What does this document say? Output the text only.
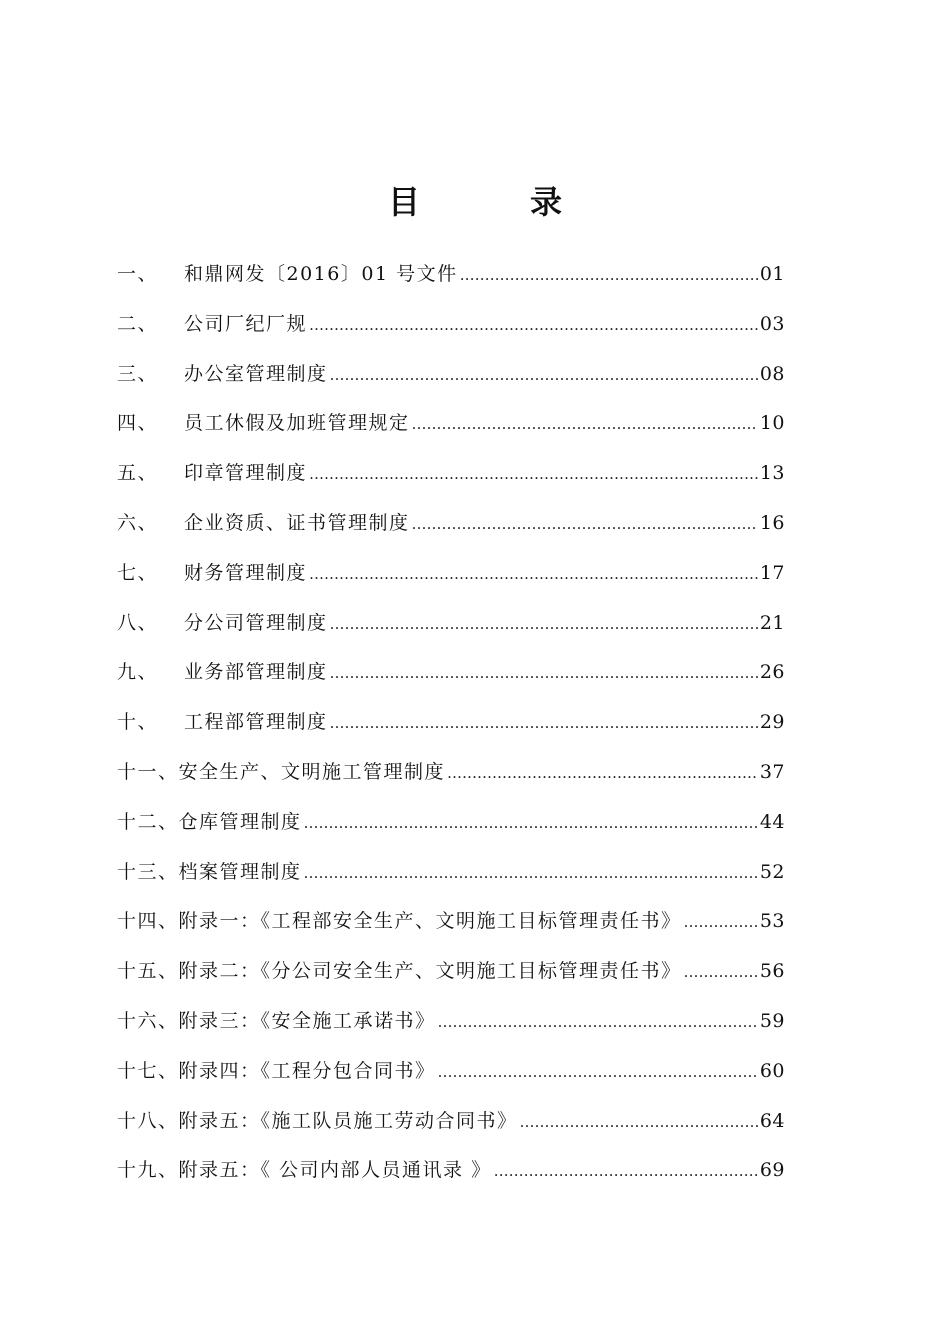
目	录
一、	和鼎网发〔2016〕01 号文件 …………………………………………………………………………………………………………………………………………………………………………	01
二、	公司厂纪厂规 …………………………………………………………………………………………………………………………………………………………………………	03
三、	办公室管理制度 …………………………………………………………………………………………………………………………………………………………………………	08
四、	员工休假及加班管理规定 …………………………………………………………………………………………………………………………………………………………………………	10
五、	印章管理制度 …………………………………………………………………………………………………………………………………………………………………………	13
六、	企业资质、证书管理制度 …………………………………………………………………………………………………………………………………………………………………………	16
七、	财务管理制度 …………………………………………………………………………………………………………………………………………………………………………	17
八、	分公司管理制度 …………………………………………………………………………………………………………………………………………………………………………	21
九、	业务部管理制度 …………………………………………………………………………………………………………………………………………………………………………	26
十、	工程部管理制度 …………………………………………………………………………………………………………………………………………………………………………	29
十一、 安全生产、文明施工管理制度 …………………………………………………………………………………………………………………………………………………………………………	37
十二、 仓库管理制度 …………………………………………………………………………………………………………………………………………………………………………	44
十三、 档案管理制度 …………………………………………………………………………………………………………………………………………………………………………	52
十四、 附录一：《工程部安全生产、文明施工目标管理责任书》 …………………………………………………………………………………………………………………………………………………………………………	53
十五、 附录二：《分公司安全生产、文明施工目标管理责任书》 …………………………………………………………………………………………………………………………………………………………………………	56
十六、 附录三：《安全施工承诺书》 …………………………………………………………………………………………………………………………………………………………………………	59
十七、 附录四：《工程分包合同书》 …………………………………………………………………………………………………………………………………………………………………………	60
十八、 附录五：《施工队员施工劳动合同书》 …………………………………………………………………………………………………………………………………………………………………………	64
十九、 附录五：《 公司内部人员通讯录 》 …………………………………………………………………………………………………………………………………………………………………………	69
